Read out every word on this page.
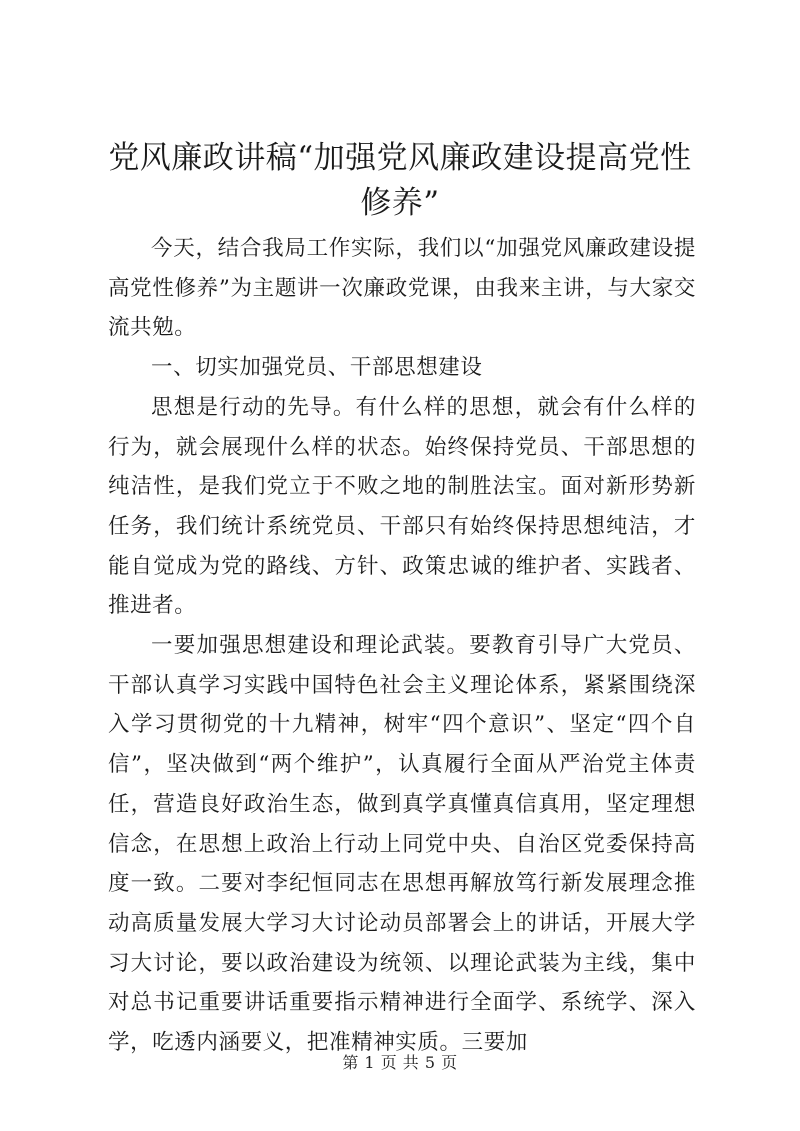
党风廉政讲稿“加强党风廉政建设提高党性修养”

今天，结合我局工作实际，我们以“加强党风廉政建设提高党性修养”为主题讲一次廉政党课，由我来主讲，与大家交流共勉。

一、切实加强党员、干部思想建设

思想是行动的先导。有什么样的思想，就会有什么样的行为，就会展现什么样的状态。始终保持党员、干部思想的纯洁性，是我们党立于不败之地的制胜法宝。面对新形势新任务，我们统计系统党员、干部只有始终保持思想纯洁，才能自觉成为党的路线、方针、政策忠诚的维护者、实践者、推进者。

一要加强思想建设和理论武装。要教育引导广大党员、干部认真学习实践中国特色社会主义理论体系，紧紧围绕深入学习贯彻党的十九精神，树牢“四个意识”、坚定“四个自信”，坚决做到“两个维护”，认真履行全面从严治党主体责任，营造良好政治生态，做到真学真懂真信真用，坚定理想信念，在思想上政治上行动上同党中央、自治区党委保持高度一致。二要对李纪恒同志在思想再解放笃行新发展理念推动高质量发展大学习大讨论动员部署会上的讲话，开展大学习大讨论，要以政治建设为统领、以理论武装为主线，集中对总书记重要讲话重要指示精神进行全面学、系统学、深入学，吃透内涵要义，把准精神实质。三要加

第 1 页 共 5 页
